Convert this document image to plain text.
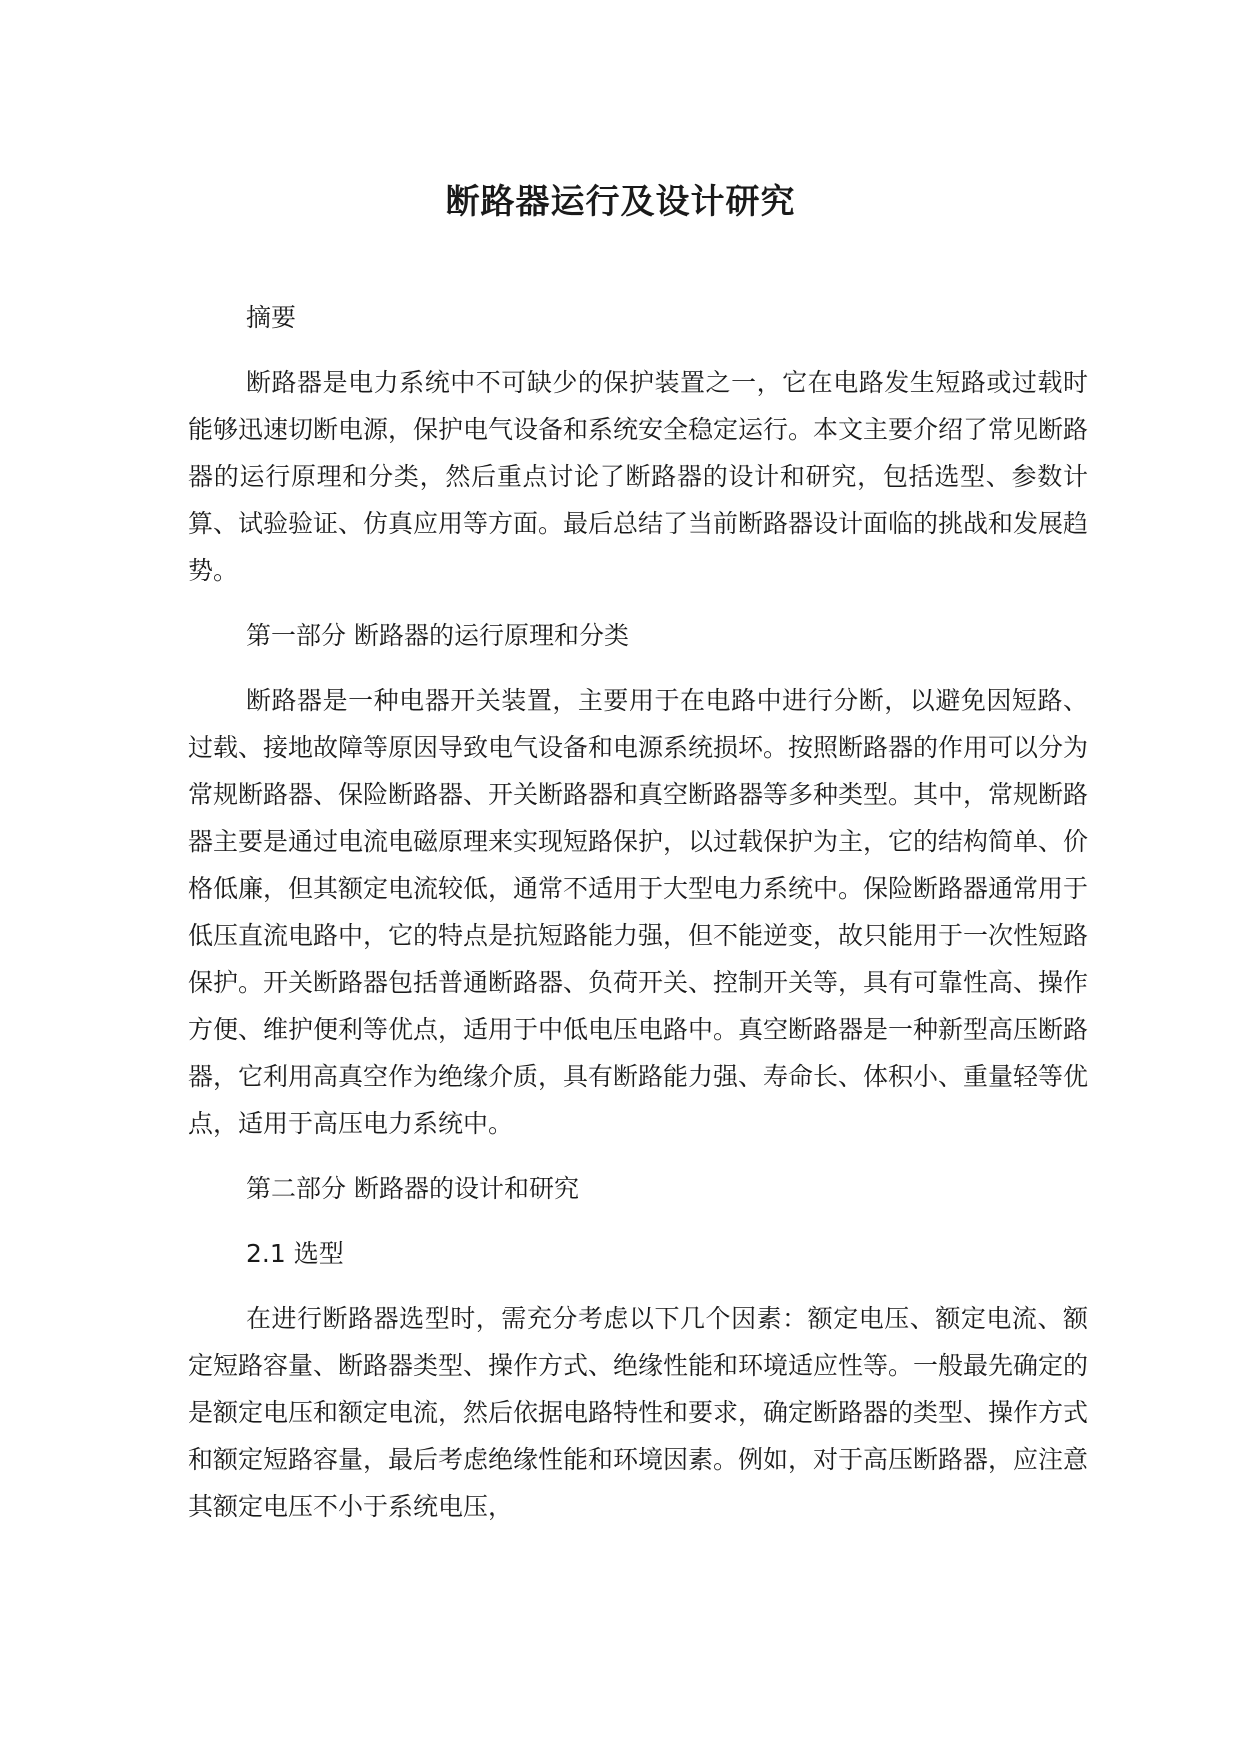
断路器运行及设计研究

摘要

断路器是电力系统中不可缺少的保护装置之一，它在电路发生短路或过载时能够迅速切断电源，保护电气设备和系统安全稳定运行。本文主要介绍了常见断路器的运行原理和分类，然后重点讨论了断路器的设计和研究，包括选型、参数计算、试验验证、仿真应用等方面。最后总结了当前断路器设计面临的挑战和发展趋势。

第一部分 断路器的运行原理和分类

断路器是一种电器开关装置，主要用于在电路中进行分断，以避免因短路、过载、接地故障等原因导致电气设备和电源系统损坏。按照断路器的作用可以分为常规断路器、保险断路器、开关断路器和真空断路器等多种类型。其中，常规断路器主要是通过电流电磁原理来实现短路保护，以过载保护为主，它的结构简单、价格低廉，但其额定电流较低，通常不适用于大型电力系统中。保险断路器通常用于低压直流电路中，它的特点是抗短路能力强，但不能逆变，故只能用于一次性短路保护。开关断路器包括普通断路器、负荷开关、控制开关等，具有可靠性高、操作方便、维护便利等优点，适用于中低电压电路中。真空断路器是一种新型高压断路器，它利用高真空作为绝缘介质，具有断路能力强、寿命长、体积小、重量轻等优点，适用于高压电力系统中。

第二部分 断路器的设计和研究

2.1 选型

在进行断路器选型时，需充分考虑以下几个因素：额定电压、额定电流、额定短路容量、断路器类型、操作方式、绝缘性能和环境适应性等。一般最先确定的是额定电压和额定电流，然后依据电路特性和要求，确定断路器的类型、操作方式和额定短路容量，最后考虑绝缘性能和环境因素。例如，对于高压断路器，应注意其额定电压不小于系统电压，
